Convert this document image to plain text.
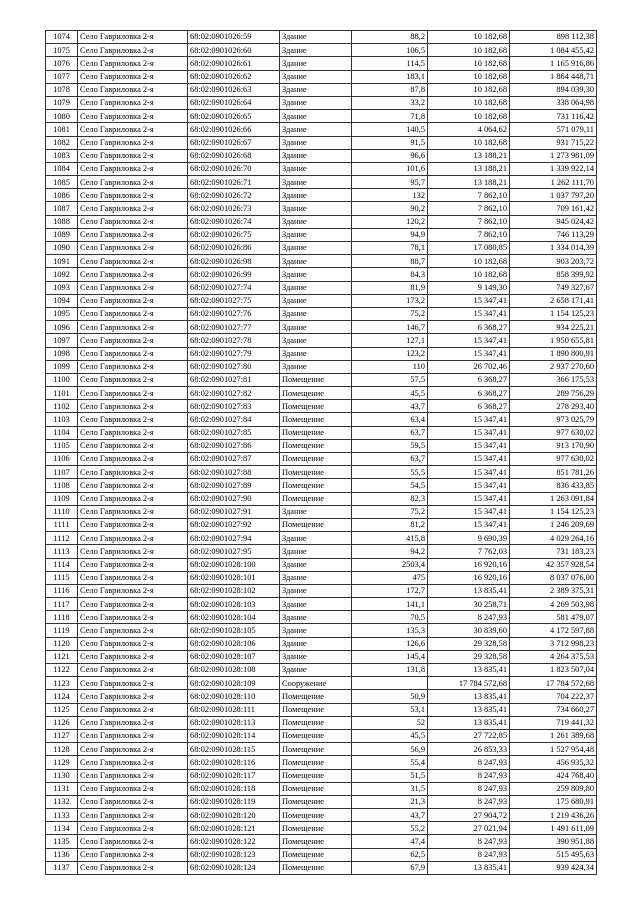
1074	Село Гавриловка 2-я	68:02:0901026:59	Здание	88,2	10 182,68	898 112,38
1075	Село Гавриловка 2-я	68:02:0901026:60	Здание	106,5	10 182,68	1 084 455,42
1076	Село Гавриловка 2-я	68:02:0901026:61	Здание	114,5	10 182,68	1 165 916,86
1077	Село Гавриловка 2-я	68:02:0901026:62	Здание	183,1	10 182,68	1 864 448,71
1078	Село Гавриловка 2-я	68:02:0901026:63	Здание	87,8	10 182,68	894 039,30
1079	Село Гавриловка 2-я	68:02:0901026:64	Здание	33,2	10 182,68	338 064,98
1080	Село Гавриловка 2-я	68:02:0901026:65	Здание	71,8	10 182,68	731 116,42
1081	Село Гавриловка 2-я	68:02:0901026:66	Здание	140,5	4 064,62	571 079,11
1082	Село Гавриловка 2-я	68:02:0901026:67	Здание	91,5	10 182,68	931 715,22
1083	Село Гавриловка 2-я	68:02:0901026:68	Здание	96,6	13 188,21	1 273 981,09
1084	Село Гавриловка 2-я	68:02:0901026:70	Здание	101,6	13 188,21	1 339 922,14
1085	Село Гавриловка 2-я	68:02:0901026:71	Здание	95,7	13 188,21	1 262 111,70
1086	Село Гавриловка 2-я	68:02:0901026:72	Здание	132	7 862,10	1 037 797,20
1087	Село Гавриловка 2-я	68:02:0901026:73	Здание	90,2	7 862,10	709 161,42
1088	Село Гавриловка 2-я	68:02:0901026:74	Здание	120,2	7 862,10	945 024,42
1089	Село Гавриловка 2-я	68:02:0901026:75	Здание	94,9	7 862,10	746 113,29
1090	Село Гавриловка 2-я	68:02:0901026:86	Здание	78,1	17 080,85	1 334 014,39
1091	Село Гавриловка 2-я	68:02:0901026:98	Здание	88,7	10 182,68	903 203,72
1092	Село Гавриловка 2-я	68:02:0901026:99	Здание	84,3	10 182,68	858 399,92
1093	Село Гавриловка 2-я	68:02:0901027:74	Здание	81,9	9 149,30	749 327,67
1094	Село Гавриловка 2-я	68:02:0901027:75	Здание	173,2	15 347,41	2 658 171,41
1095	Село Гавриловка 2-я	68:02:0901027:76	Здание	75,2	15 347,41	1 154 125,23
1096	Село Гавриловка 2-я	68:02:0901027:77	Здание	146,7	6 368,27	934 225,21
1097	Село Гавриловка 2-я	68:02:0901027:78	Здание	127,1	15 347,41	1 950 655,81
1098	Село Гавриловка 2-я	68:02:0901027:79	Здание	123,2	15 347,41	1 890 800,91
1099	Село Гавриловка 2-я	68:02:0901027:80	Здание	110	26 702,46	2 937 270,60
1100	Село Гавриловка 2-я	68:02:0901027:81	Помещение	57,5	6 368,27	366 175,53
1101	Село Гавриловка 2-я	68:02:0901027:82	Помещение	45,5	6 368,27	289 756,29
1102	Село Гавриловка 2-я	68:02:0901027:83	Помещение	43,7	6 368,27	278 293,40
1103	Село Гавриловка 2-я	68:02:0901027:84	Помещение	63,4	15 347,41	973 025,79
1104	Село Гавриловка 2-я	68:02:0901027:85	Помещение	63,7	15 347,41	977 630,02
1105	Село Гавриловка 2-я	68:02:0901027:86	Помещение	59,5	15 347,41	913 170,90
1106	Село Гавриловка 2-я	68:02:0901027:87	Помещение	63,7	15 347,41	977 630,02
1107	Село Гавриловка 2-я	68:02:0901027:88	Помещение	55,5	15 347,41	851 781,26
1108	Село Гавриловка 2-я	68:02:0901027:89	Помещение	54,5	15 347,41	836 433,85
1109	Село Гавриловка 2-я	68:02:0901027:90	Помещение	82,3	15 347,41	1 263 091,84
1110	Село Гавриловка 2-я	68:02:0901027:91	Здание	75,2	15 347,41	1 154 125,23
1111	Село Гавриловка 2-я	68:02:0901027:92	Помещение	81,2	15 347,41	1 246 209,69
1112	Село Гавриловка 2-я	68:02:0901027:94	Здание	415,8	9 690,39	4 029 264,16
1113	Село Гавриловка 2-я	68:02:0901027:95	Здание	94,2	7 762,03	731 183,23
1114	Село Гавриловка 2-я	68:02:0901028:100	Здание	2503,4	16 920,16	42 357 928,54
1115	Село Гавриловка 2-я	68:02:0901028:101	Здание	475	16 920,16	8 037 076,00
1116	Село Гавриловка 2-я	68:02:0901028:102	Здание	172,7	13 835,41	2 389 375,31
1117	Село Гавриловка 2-я	68:02:0901028:103	Здание	141,1	30 258,71	4 269 503,98
1118	Село Гавриловка 2-я	68:02:0901028:104	Здание	70,5	8 247,93	581 479,07
1119	Село Гавриловка 2-я	68:02:0901028:105	Здание	135,3	30 839,60	4 172 597,88
1120	Село Гавриловка 2-я	68:02:0901028:106	Здание	126,6	29 328,58	3 712 998,23
1121	Село Гавриловка 2-я	68:02:0901028:107	Здание	145,4	29 328,58	4 264 375,53
1122	Село Гавриловка 2-я	68:02:0901028:108	Здание	131,8	13 835,41	1 823 507,04
1123	Село Гавриловка 2-я	68:02:0901028:109	Сооружение		17 784 572,68	17 784 572,68
1124	Село Гавриловка 2-я	68:02:0901028:110	Помещение	50,9	13 835,41	704 222,37
1125	Село Гавриловка 2-я	68:02:0901028:111	Помещение	53,1	13 835,41	734 660,27
1126	Село Гавриловка 2-я	68:02:0901028:113	Помещение	52	13 835,41	719 441,32
1127	Село Гавриловка 2-я	68:02:0901028:114	Помещение	45,5	27 722,85	1 261 389,68
1128	Село Гавриловка 2-я	68:02:0901028:115	Помещение	56,9	26 853,33	1 527 954,48
1129	Село Гавриловка 2-я	68:02:0901028:116	Помещение	55,4	8 247,93	456 935,32
1130	Село Гавриловка 2-я	68:02:0901028:117	Помещение	51,5	8 247,93	424 768,40
1131	Село Гавриловка 2-я	68:02:0901028:118	Помещение	31,5	8 247,93	259 809,80
1132	Село Гавриловка 2-я	68:02:0901028:119	Помещение	21,3	8 247,93	175 680,91
1133	Село Гавриловка 2-я	68:02:0901028:120	Помещение	43,7	27 904,72	1 219 436,26
1134	Село Гавриловка 2-я	68:02:0901028:121	Помещение	55,2	27 021,94	1 491 611,09
1135	Село Гавриловка 2-я	68:02:0901028:122	Помещение	47,4	8 247,93	390 951,88
1136	Село Гавриловка 2-я	68:02:0901028:123	Помещение	62,5	8 247,93	515 495,63
1137	Село Гавриловка 2-я	68:02:0901028:124	Помещение	67,9	13 835,41	939 424,34
